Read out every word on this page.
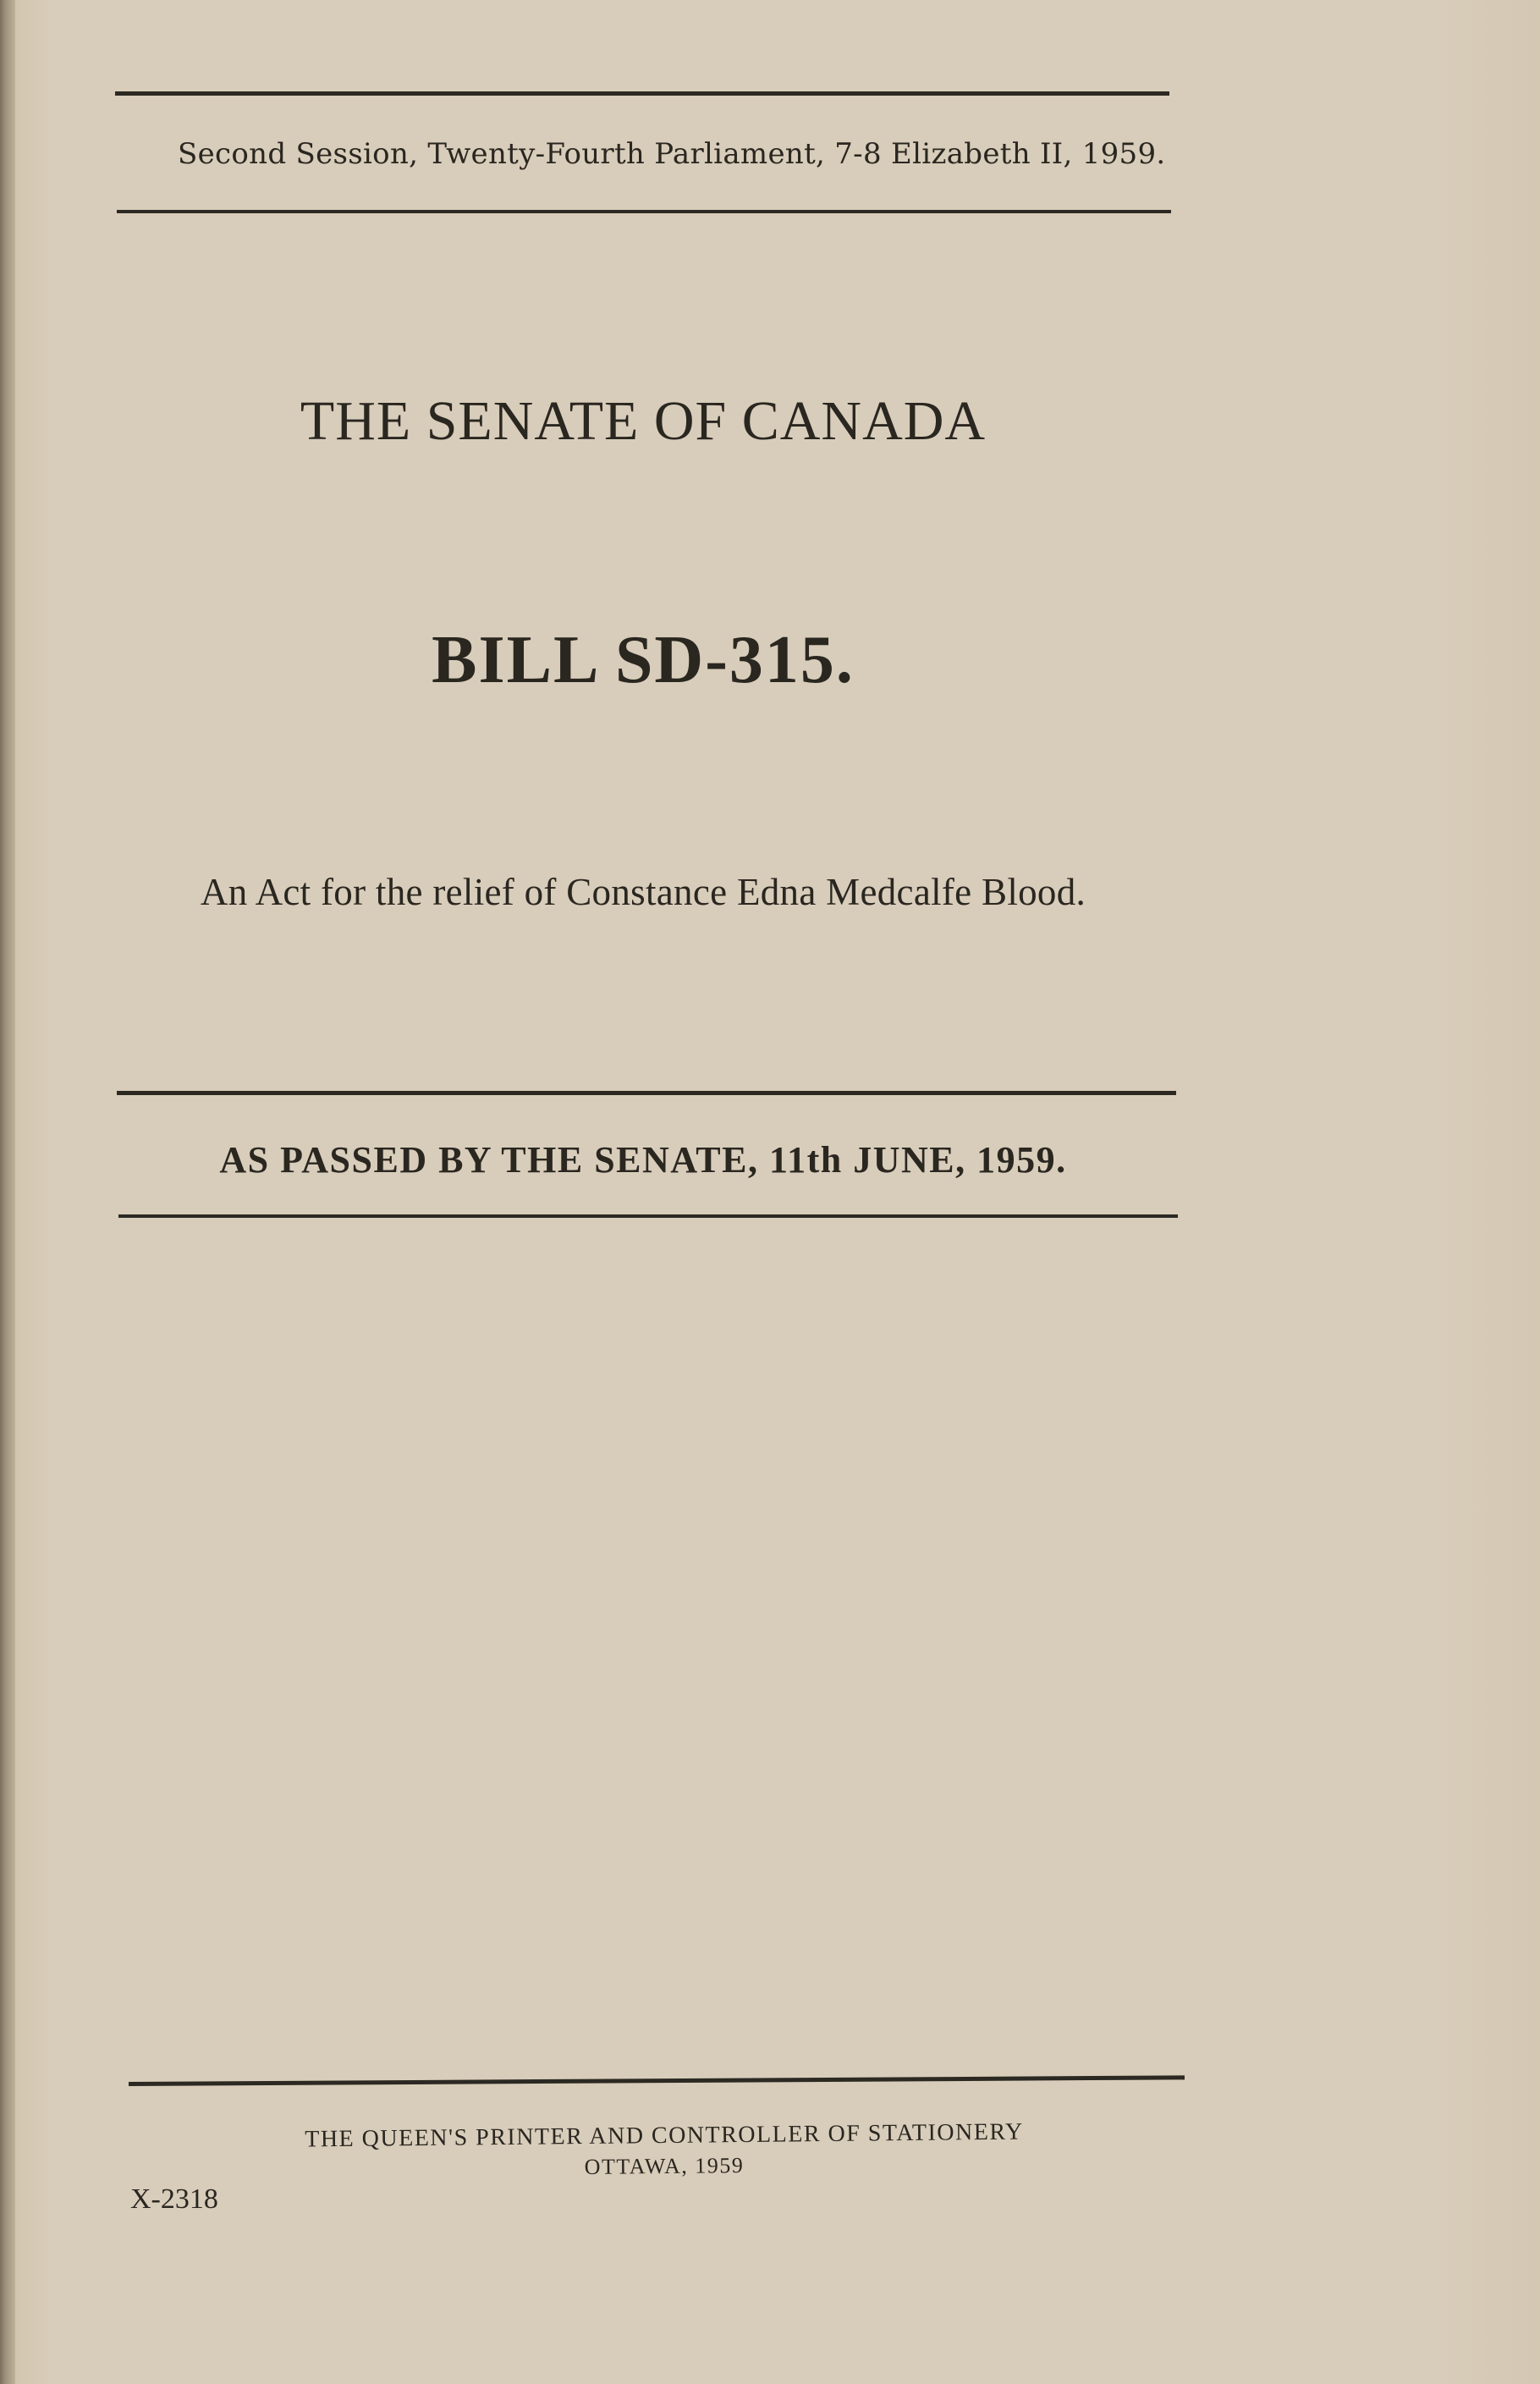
Second Session, Twenty-Fourth Parliament, 7-8 Elizabeth II, 1959.
THE SENATE OF CANADA
BILL SD-315.
An Act for the relief of Constance Edna Medcalfe Blood.
AS PASSED BY THE SENATE, 11th JUNE, 1959.
THE QUEEN'S PRINTER AND CONTROLLER OF STATIONERY
OTTAWA, 1959
X-2318
